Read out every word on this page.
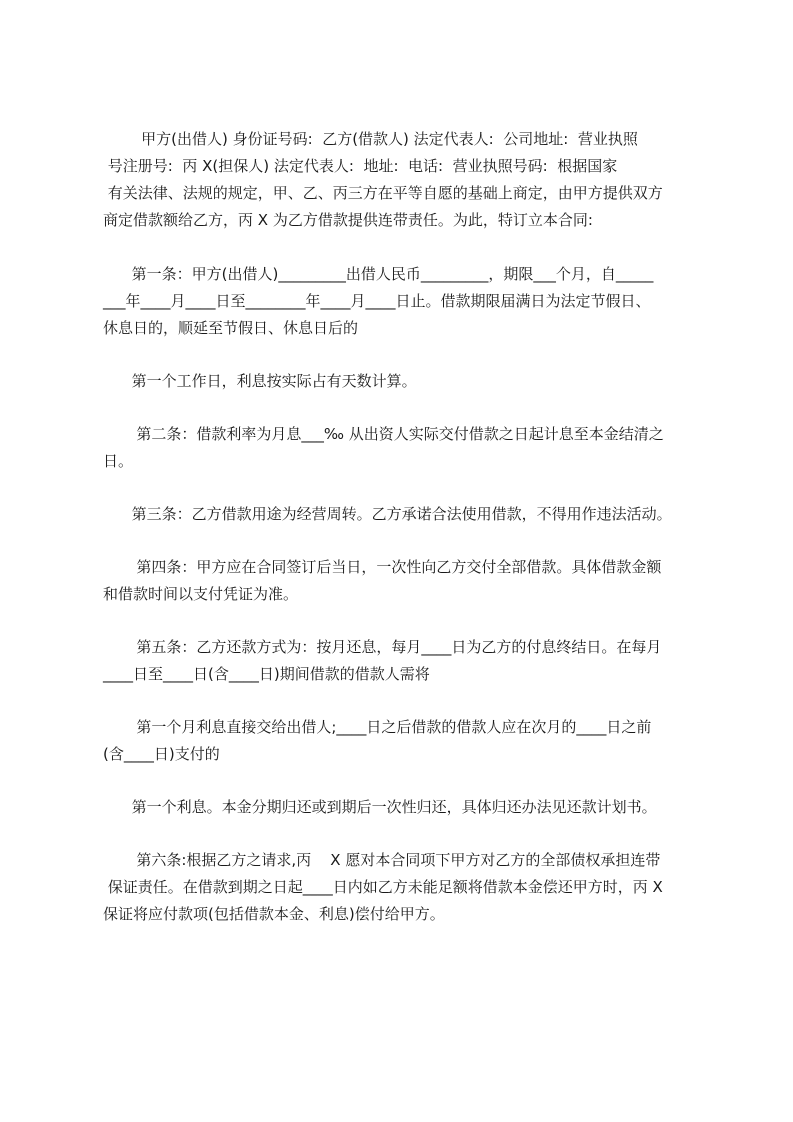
甲方(出借人) 身份证号码:  乙方(借款人) 法定代表人:  公司地址:  营业执照
号注册号:  丙 X(担保人) 法定代表人:  地址:  电话:  营业执照号码:  根据国家
有关法律、法规的规定，甲、乙、丙三方在平等自愿的基础上商定，由甲方提供双方
商定借款额给乙方，丙 X 为乙方借款提供连带责任。为此，特订立本合同:
第一条：甲方(出借人)_________出借人民币_________，期限___个月，自_____
___年____月____日至________年____月____日止。借款期限届满日为法定节假日、
休息日的，顺延至节假日、休息日后的
第一个工作日，利息按实际占有天数计算。
第二条：借款利率为月息___‰ 从出资人实际交付借款之日起计息至本金结清之
日。
第三条：乙方借款用途为经营周转。乙方承诺合法使用借款，不得用作违法活动。
第四条：甲方应在合同签订后当日，一次性向乙方交付全部借款。具体借款金额
和借款时间以支付凭证为准。
第五条：乙方还款方式为：按月还息，每月____日为乙方的付息终结日。在每月
____日至____日(含____日)期间借款的借款人需将
第一个月利息直接交给出借人;____日之后借款的借款人应在次月的____日之前
(含____日)支付的
第一个利息。本金分期归还或到期后一次性归还，具体归还办法见还款计划书。
第六条:根据乙方之请求,丙    X 愿对本合同项下甲方对乙方的全部债权承担连带
保证责任。在借款到期之日起____日内如乙方未能足额将借款本金偿还甲方时，丙 X
保证将应付款项(包括借款本金、利息)偿付给甲方。
